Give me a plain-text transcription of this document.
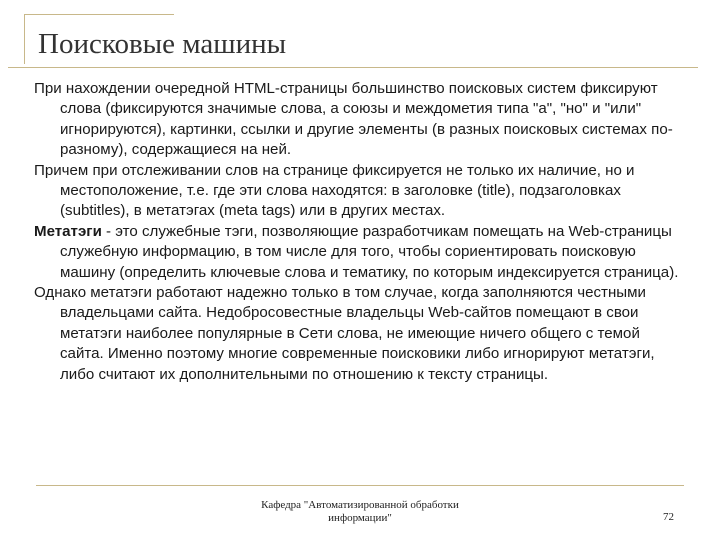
Поисковые машины

При нахождении очередной HTML-страницы большинство поисковых систем фиксируют слова (фиксируются значимые слова, а союзы и междометия типа "а", "но" и "или" игнорируются), картинки, ссылки и другие элементы (в разных поисковых системах по-разному), содержащиеся на ней.

Причем при отслеживании слов на странице фиксируется не только их наличие, но и местоположение, т.е. где эти слова находятся: в заголовке (title), подзаголовках (subtitles), в метатэгах (meta tags) или в других местах.

Метатэги - это служебные тэги, позволяющие разработчикам помещать на Web-страницы служебную информацию, в том числе для того, чтобы сориентировать поисковую машину (определить ключевые слова и тематику, по которым индексируется страница).

Однако метатэги работают надежно только в том случае, когда заполняются честными владельцами сайта. Недобросовестные владельцы Web-сайтов помещают в свои метатэги наиболее популярные в Сети слова, не имеющие ничего общего с темой сайта. Именно поэтому многие современные поисковики либо игнорируют метатэги, либо считают их дополнительными по отношению к тексту страницы.

Кафедра "Автоматизированной обработки
информации"	72
